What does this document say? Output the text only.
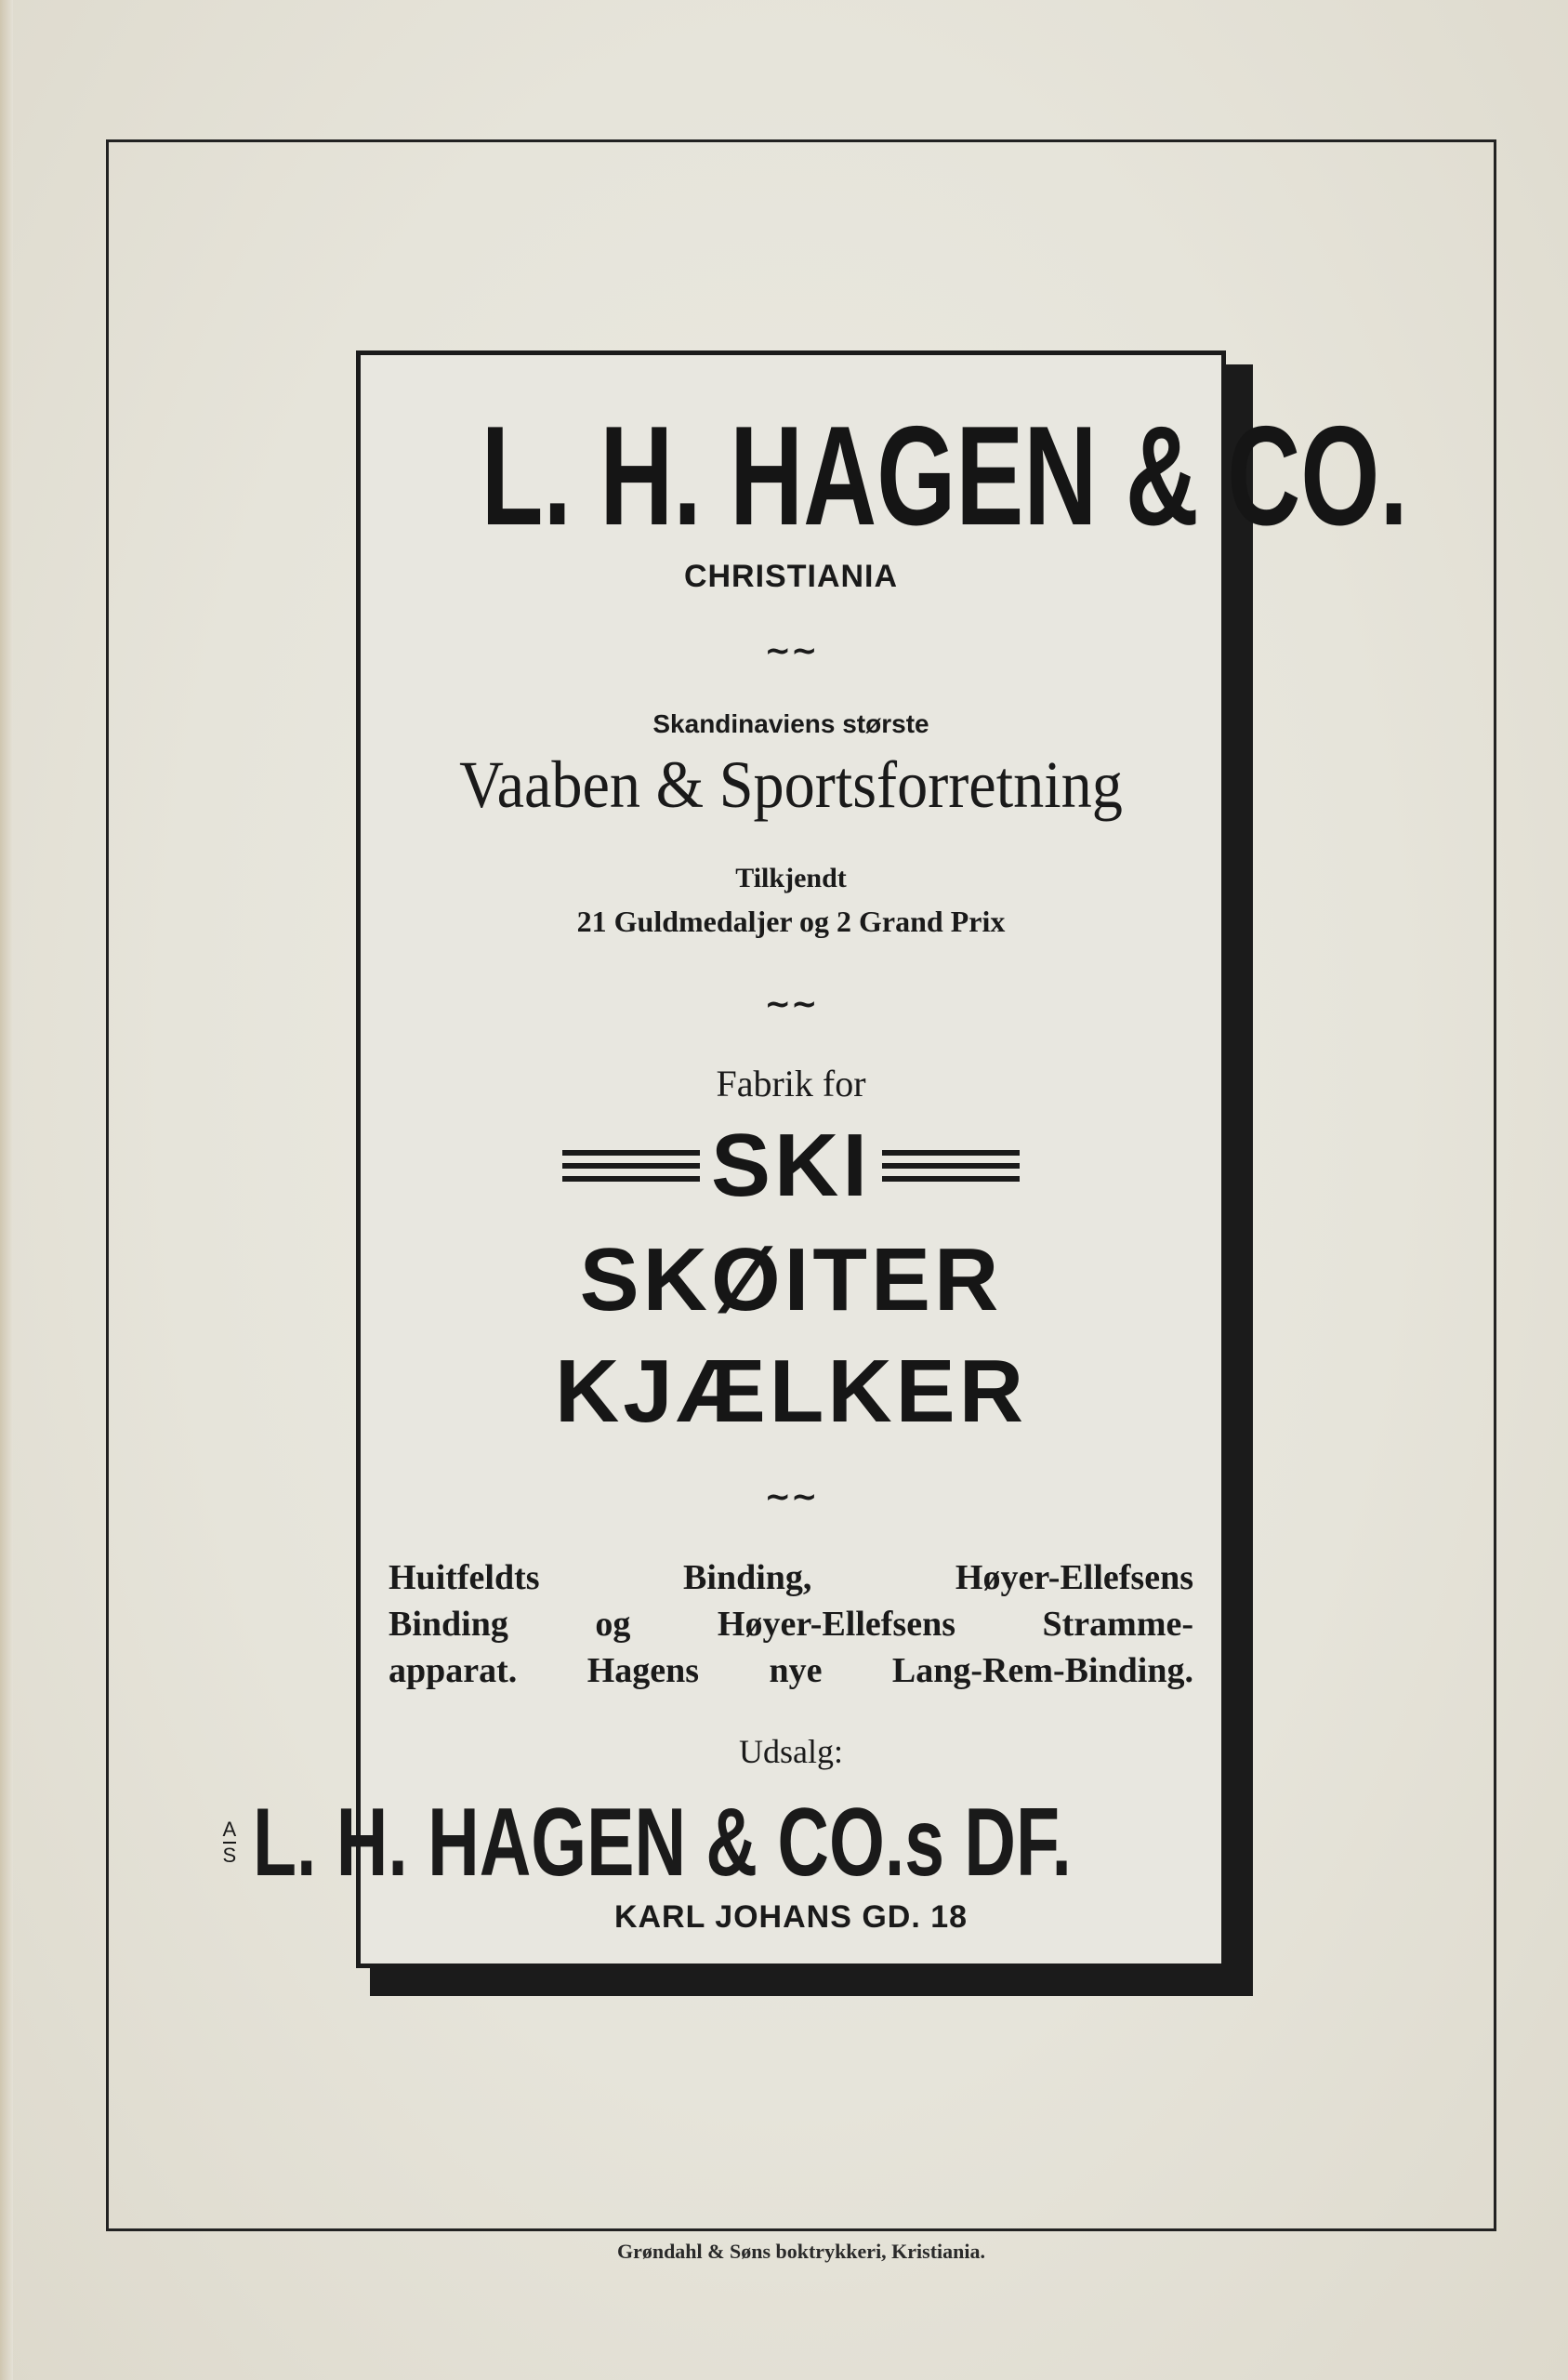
L. H. HAGEN & CO.
CHRISTIANIA
~~
Skandinaviens største
Vaaben & Sportsforretning
Tilkjendt
21 Guldmedaljer og 2 Grand Prix
~~
Fabrik for
SKI
SKØITER
KJÆLKER
~~
Huitfeldts Binding, Høyer-Ellefsens
Binding og Høyer-Ellefsens Stramme-
apparat. Hagens nye Lang-Rem-Binding.
Udsalg:
A
S L. H. HAGEN & CO.s DF.
KARL JOHANS GD. 18
Grøndahl & Søns boktrykkeri, Kristiania.
